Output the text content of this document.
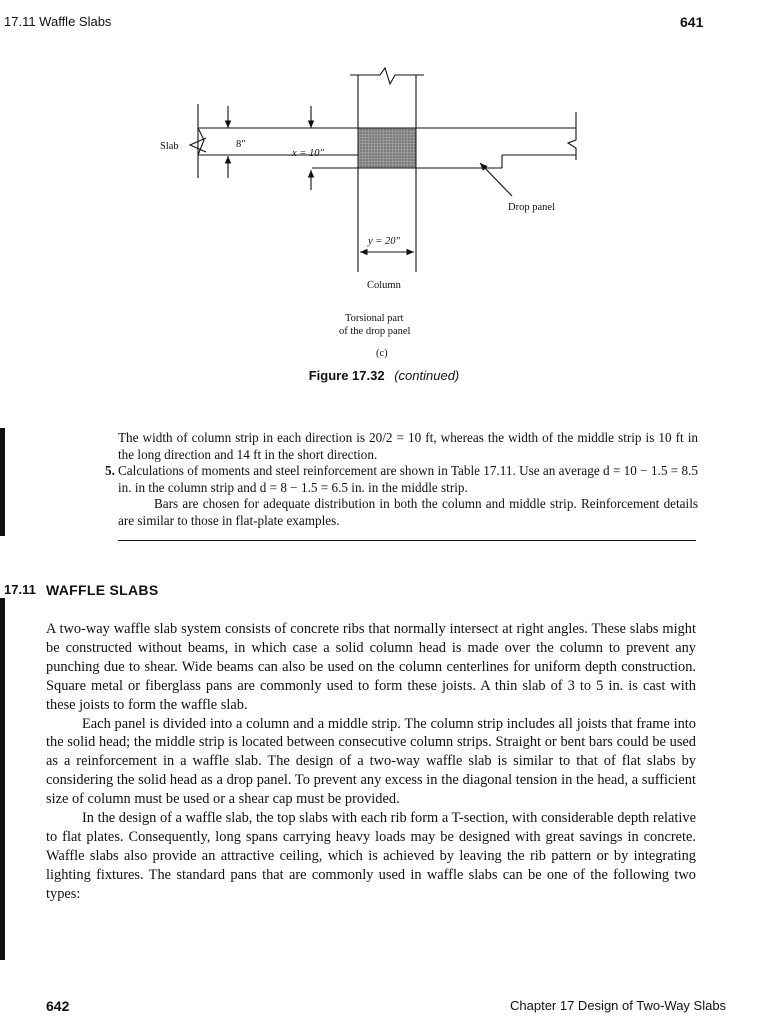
17.11 Waffle Slabs	641
Slab	8"
x = 10"
Drop panel
y = 20"
Column
Torsional part
of the drop panel
(c)
Figure 17.32 (continued)

The width of column strip in each direction is 20/2 = 10 ft, whereas the width of the middle strip is 10 ft in the long direction and 14 ft in the short direction.

5. Calculations of moments and steel reinforcement are shown in Table 17.11. Use an average d = 10 − 1.5 = 8.5 in. in the column strip and d = 8 − 1.5 = 6.5 in. in the middle strip.

Bars are chosen for adequate distribution in both the column and middle strip. Reinforcement details are similar to those in flat-plate examples.

17.11 WAFFLE SLABS

A two-way waffle slab system consists of concrete ribs that normally intersect at right angles. These slabs might be constructed without beams, in which case a solid column head is made over the column to prevent any punching due to shear. Wide beams can also be used on the column centerlines for uniform depth construction. Square metal or fiberglass pans are commonly used to form these joists. A thin slab of 3 to 5 in. is cast with these joists to form the waffle slab.

Each panel is divided into a column and a middle strip. The column strip includes all joists that frame into the solid head; the middle strip is located between consecutive column strips. Straight or bent bars could be used as a reinforcement in a waffle slab. The design of a two-way waffle slab is similar to that of flat slabs by considering the solid head as a drop panel. To prevent any excess in the diagonal tension in the head, a sufficient size of column must be used or a shear cap must be provided.

In the design of a waffle slab, the top slabs with each rib form a T-section, with considerable depth relative to flat plates. Consequently, long spans carrying heavy loads may be designed with great savings in concrete. Waffle slabs also provide an attractive ceiling, which is achieved by leaving the rib pattern or by integrating lighting fixtures. The standard pans that are commonly used in waffle slabs can be one of the following two types:

642	Chapter 17 Design of Two-Way Slabs
